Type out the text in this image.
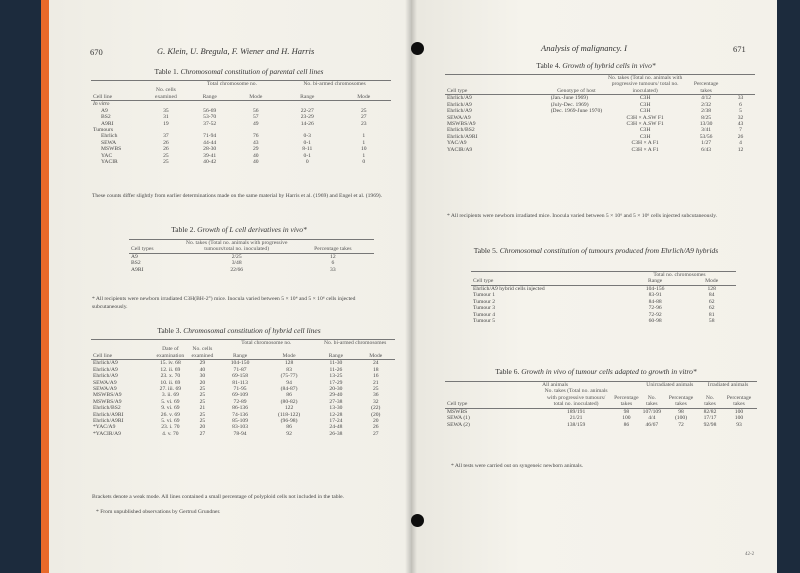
670	G. Klein, U. Bregula, F. Wiener and H. Harris
Table 1. Chromosomal constitution of parental cell lines
		Total chromosome no.		No. bi-armed chromosomes	
Cell line	No. cells examined	Range	Mode	Range	Mode
In vitro					
A9	35	56-69	56	22-27	25
BS2	31	53-70	57	23-29	27
A9RI	19	37-52	49	14-26	23
Tumours					
Ehrlich	37	71-94	76	0-3	1
SEWA	26	44-44	43	0-1	1
MSWBS	26	28-30	29	8-11	10
YAC	25	39-41	40	0-1	1
YACIR	25	40-42	40	0	0
These counts differ slightly from earlier determinations made on the same material by Harris et al. (1969) and Engel et al. (1969).
Table 2. Growth of L cell derivatives in vivo*
Cell types	No. takes (Total no. animals with progressive tumours/total no. inoculated)	Percentage takes
A9	2/25	12
BS2	3/48	6
A9RI	22/66	33
* All recipients were newborn irradiated C3H(BH-2°) mice. Inocula varied between 5 × 10⁴ and 5 × 10⁶ cells injected subcutaneously.
Table 3. Chromosomal constitution of hybrid cell lines
			Total chromosome no.		No. bi-armed chromosomes	
Cell line	Date of examination	No. cells examined	Range	Mode	Range	Mode
Ehrlich/A9	15. iv. 68	29	104-150	128	11-30	24
Ehrlich/A9	12. ii. 69	40	71-87	83	11-26	18
Ehrlich/A9	23. x. 70	30	69-158	(75-77)	13-25	16
SEWA/A9	10. ii. 69	20	81-113	94	17-29	21
SEWA/A9	27. iii. 69	25	71-95	(84-87)	20-30	25
MSWBS/A9	3. ii. 69	25	69-109	86	29-40	36
MSWBS/A9	5. vi. 69	25	72-89	(80-82)	27-38	32
Ehrlich/BS2	9. vi. 69	21	86-136	122	13-30	(22)
Ehrlich/A9RI	26. v. 69	25	74-136	(118-122)	12-28	(20)
Ehrlich/A9RI	5. vi. 69	25	85-109	(96-98)	17-24	20
*YAC/A9	23. i. 70	20	83-103	86	24-48	26
*YACIR/A9	4. v. 70	27	78-94	92	26-38	27
Brackets denote a weak mode. All lines contained a small percentage of polyploid cells not included in the table.
* From unpublished observations by Gertrud Grundner.
Analysis of malignancy. I	671
Table 4. Growth of hybrid cells in vivo*
Cell type	Genotype of host	No. takes (Total no. animals with progressive tumours/ total no. inoculated)	Percentage takes	
Ehrlich/A9	(Jan.-June 1969)	C3H	4/12	33
Ehrlich/A9	(July-Dec. 1969)	C3H	2/32	6
Ehrlich/A9	(Dec. 1969-June 1970)	C3H	2/38	5
SEWA/A9		C3H × A.SW F1	8/25	32
MSWBS/A9		C3H × A.SW F1	13/30	43
Ehrlich/BS2		C3H	3/41	7
Ehrlich/A9RI		C3H	53/56	26
YAC/A9		C3H × A F1	1/27	4
YACIR/A9		C3H × A F1	6/43	12
* All recipients were newborn irradiated mice. Inocula varied between 5 × 10⁶ and 5 × 10⁶ cells injected subcutaneously.
Table 5. Chromosomal constitution of tumours produced from Ehrlich/A9 hybrids
	Total no. chromosomes	
Cell type	Range	Mode
Ehrlich/A9 hybrid cells injected	104-156	128
Tumour 1	83-91	84
Tumour 2	84-88	62
Tumour 3	72-96	62
Tumour 4	72-92	81
Tumour 5	60-98	58
Table 6. Growth in vivo of tumour cells adapted to growth in vitro*
	All animals		Unirradiated animals		Irradiated animals	
Cell type	No. takes (Total no. animals with progressive tumours/ total no. inoculated)	Percentage takes	No. takes	Percentage takes	No. takes	Percentage takes
MSWBS	189/191	98	107/109	98	82/82	100
SEWA (1)	21/21	100	4/4	(100)	17/17	100
SEWA (2)	138/159	86	46/67	72	92/98	93
* All tests were carried out on syngeneic newborn animals.
42-2
